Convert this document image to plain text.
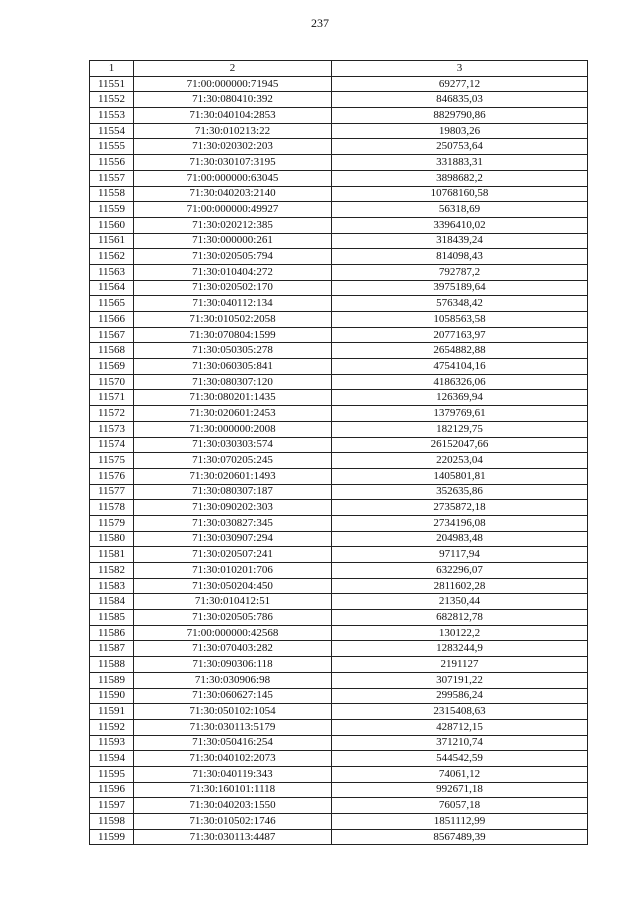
237
1	2	3
11551	71:00:000000:71945	69277,12
11552	71:30:080410:392	846835,03
11553	71:30:040104:2853	8829790,86
11554	71:30:010213:22	19803,26
11555	71:30:020302:203	250753,64
11556	71:30:030107:3195	331883,31
11557	71:00:000000:63045	3898682,2
11558	71:30:040203:2140	10768160,58
11559	71:00:000000:49927	56318,69
11560	71:30:020212:385	3396410,02
11561	71:30:000000:261	318439,24
11562	71:30:020505:794	814098,43
11563	71:30:010404:272	792787,2
11564	71:30:020502:170	3975189,64
11565	71:30:040112:134	576348,42
11566	71:30:010502:2058	1058563,58
11567	71:30:070804:1599	2077163,97
11568	71:30:050305:278	2654882,88
11569	71:30:060305:841	4754104,16
11570	71:30:080307:120	4186326,06
11571	71:30:080201:1435	126369,94
11572	71:30:020601:2453	1379769,61
11573	71:30:000000:2008	182129,75
11574	71:30:030303:574	26152047,66
11575	71:30:070205:245	220253,04
11576	71:30:020601:1493	1405801,81
11577	71:30:080307:187	352635,86
11578	71:30:090202:303	2735872,18
11579	71:30:030827:345	2734196,08
11580	71:30:030907:294	204983,48
11581	71:30:020507:241	97117,94
11582	71:30:010201:706	632296,07
11583	71:30:050204:450	2811602,28
11584	71:30:010412:51	21350,44
11585	71:30:020505:786	682812,78
11586	71:00:000000:42568	130122,2
11587	71:30:070403:282	1283244,9
11588	71:30:090306:118	2191127
11589	71:30:030906:98	307191,22
11590	71:30:060627:145	299586,24
11591	71:30:050102:1054	2315408,63
11592	71:30:030113:5179	428712,15
11593	71:30:050416:254	371210,74
11594	71:30:040102:2073	544542,59
11595	71:30:040119:343	74061,12
11596	71:30:160101:1118	992671,18
11597	71:30:040203:1550	76057,18
11598	71:30:010502:1746	1851112,99
11599	71:30:030113:4487	8567489,39
